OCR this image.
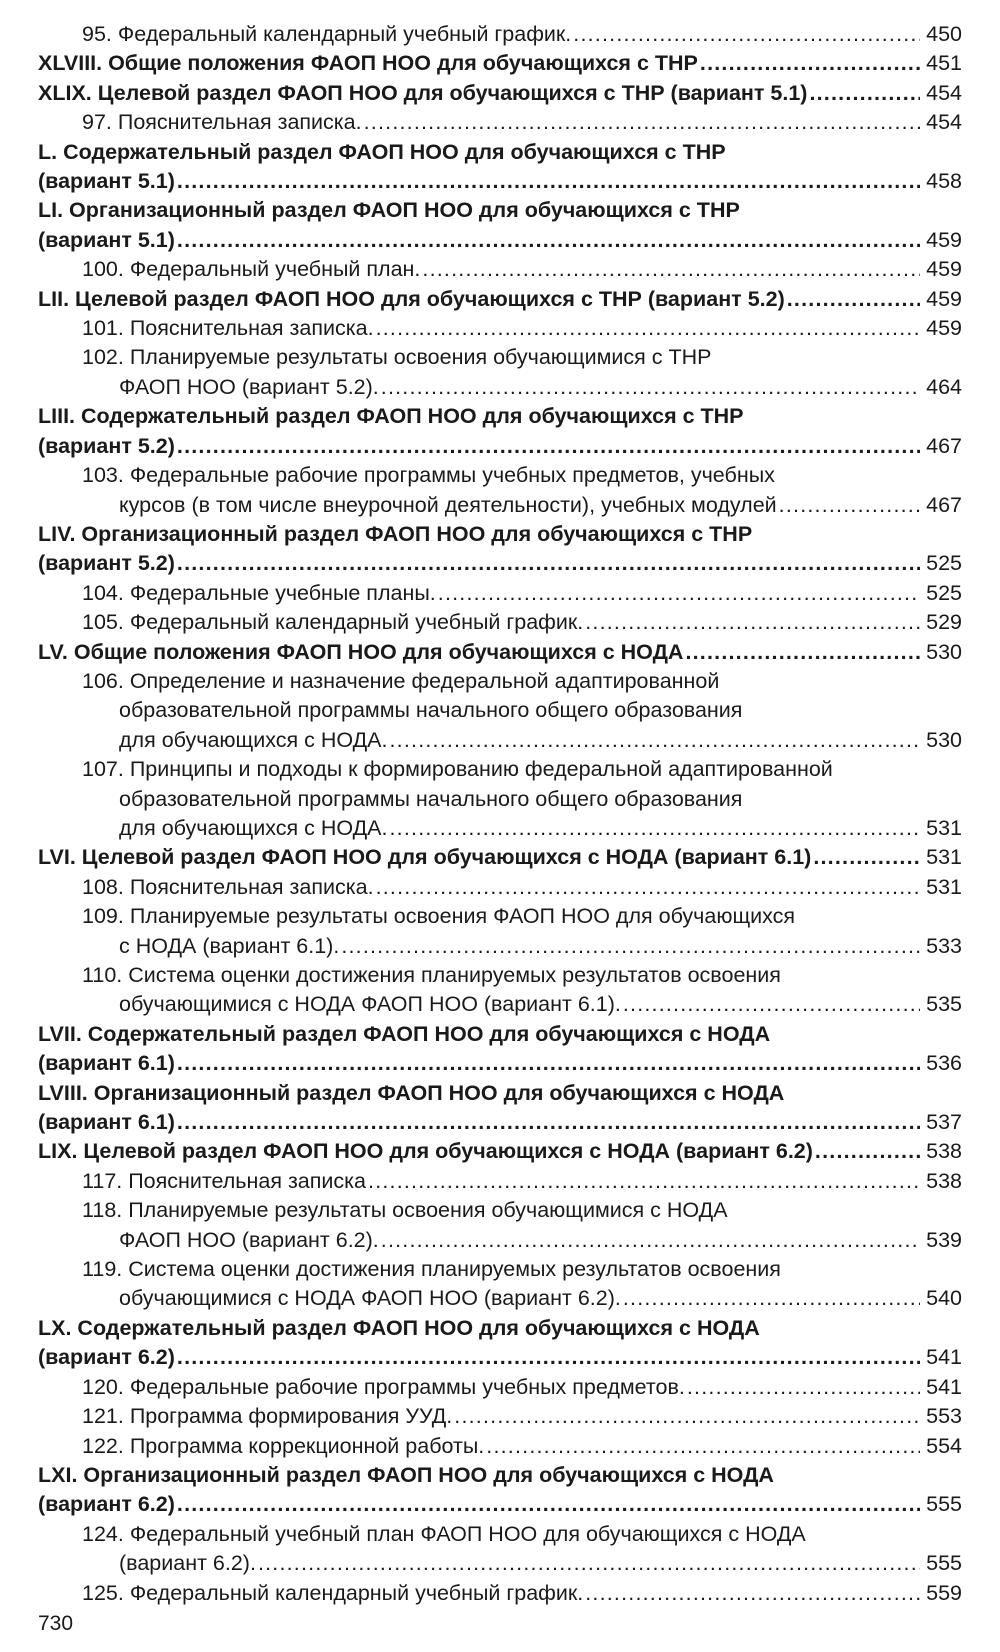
95. Федеральный календарный учебный график. .....	450
XLVIII. Общие положения ФАОП НОО для обучающихся с ТНР .....	451
XLIX. Целевой раздел ФАОП НОО для обучающихся с ТНР (вариант 5.1) .....	454
97. Пояснительная записка. .....	454
L. Содержательный раздел ФАОП НОО для обучающихся с ТНР
(вариант 5.1) .....	458
LI. Организационный раздел ФАОП НОО для обучающихся с ТНР
(вариант 5.1) .....	459
100. Федеральный учебный план. .....	459
LII. Целевой раздел ФАОП НОО для обучающихся с ТНР (вариант 5.2) .....	459
101. Пояснительная записка. .....	459
102. Планируемые результаты освоения обучающимися с ТНР
ФАОП НОО (вариант 5.2). .....	464
LIII. Содержательный раздел ФАОП НОО для обучающихся с ТНР
(вариант 5.2) .....	467
103. Федеральные рабочие программы учебных предметов, учебных
курсов (в том числе внеурочной деятельности), учебных модулей .....	467
LIV. Организационный раздел ФАОП НОО для обучающихся с ТНР
(вариант 5.2) .....	525
104. Федеральные учебные планы. .....	525
105. Федеральный календарный учебный график. .....	529
LV. Общие положения ФАОП НОО для обучающихся с НОДА .....	530
106. Определение и назначение федеральной адаптированной
образовательной программы начального общего образования
для обучающихся с НОДА. .....	530
107. Принципы и подходы к формированию федеральной адаптированной
образовательной программы начального общего образования
для обучающихся с НОДА. .....	531
LVI. Целевой раздел ФАОП НОО для обучающихся с НОДА (вариант 6.1) .....	531
108. Пояснительная записка. .....	531
109. Планируемые результаты освоения ФАОП НОО для обучающихся
с НОДА (вариант 6.1). .....	533
110. Система оценки достижения планируемых результатов освоения
обучающимися с НОДА ФАОП НОО (вариант 6.1). .....	535
LVII. Содержательный раздел ФАОП НОО для обучающихся с НОДА
(вариант 6.1) .....	536
LVIII. Организационный раздел ФАОП НОО для обучающихся с НОДА
(вариант 6.1) .....	537
LIX. Целевой раздел ФАОП НОО для обучающихся с НОДА (вариант 6.2) .....	538
117. Пояснительная записка .....	538
118. Планируемые результаты освоения обучающимися с НОДА
ФАОП НОО (вариант 6.2). .....	539
119. Система оценки достижения планируемых результатов освоения
обучающимися с НОДА ФАОП НОО (вариант 6.2). .....	540
LX. Содержательный раздел ФАОП НОО для обучающихся с НОДА
(вариант 6.2) .....	541
120. Федеральные рабочие программы учебных предметов. .....	541
121. Программа формирования УУД. .....	553
122. Программа коррекционной работы. .....	554
LXI. Организационный раздел ФАОП НОО для обучающихся с НОДА
(вариант 6.2) .....	555
124. Федеральный учебный план ФАОП НОО для обучающихся с НОДА
(вариант 6.2). .....	555
125. Федеральный календарный учебный график. .....	559
730
